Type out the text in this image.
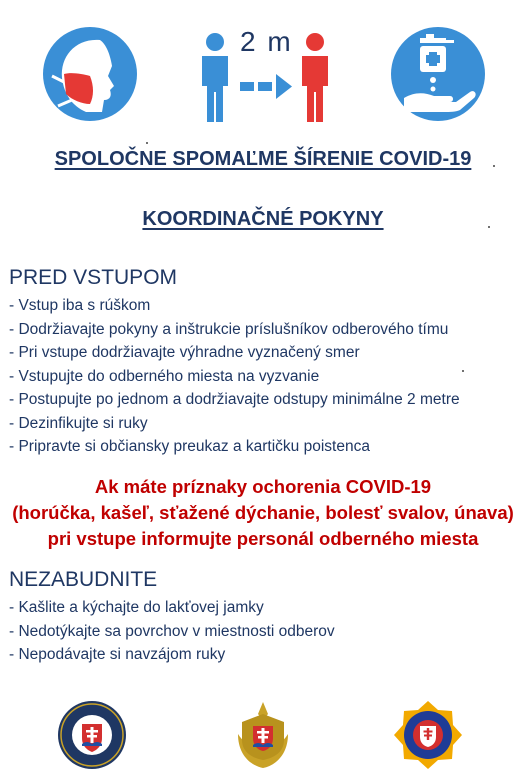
2 m
SPOLOČNE SPOMAĽME ŠÍRENIE COVID-19
KOORDINAČNÉ POKYNY
PRED VSTUPOM
- Vstup iba s rúškom
- Dodržiavajte pokyny a inštrukcie príslušníkov odberového tímu
- Pri vstupe dodržiavajte výhradne vyznačený smer
- Vstupujte do odberného miesta na vyzvanie
- Postupujte po jednom a dodržiavajte odstupy minimálne 2 metre
- Dezinfikujte si ruky
- Pripravte si občiansky preukaz a kartičku poistenca
Ak máte príznaky ochorenia COVID-19
(horúčka, kašeľ, sťažené dýchanie, bolesť svalov, únava)
pri vstupe informujte personál odberného miesta
NEZABUDNITE
- Kašlite a kýchajte do lakťovej jamky
- Nedotýkajte sa povrchov v miestnosti odberov
- Nepodávajte si navzájom ruky
